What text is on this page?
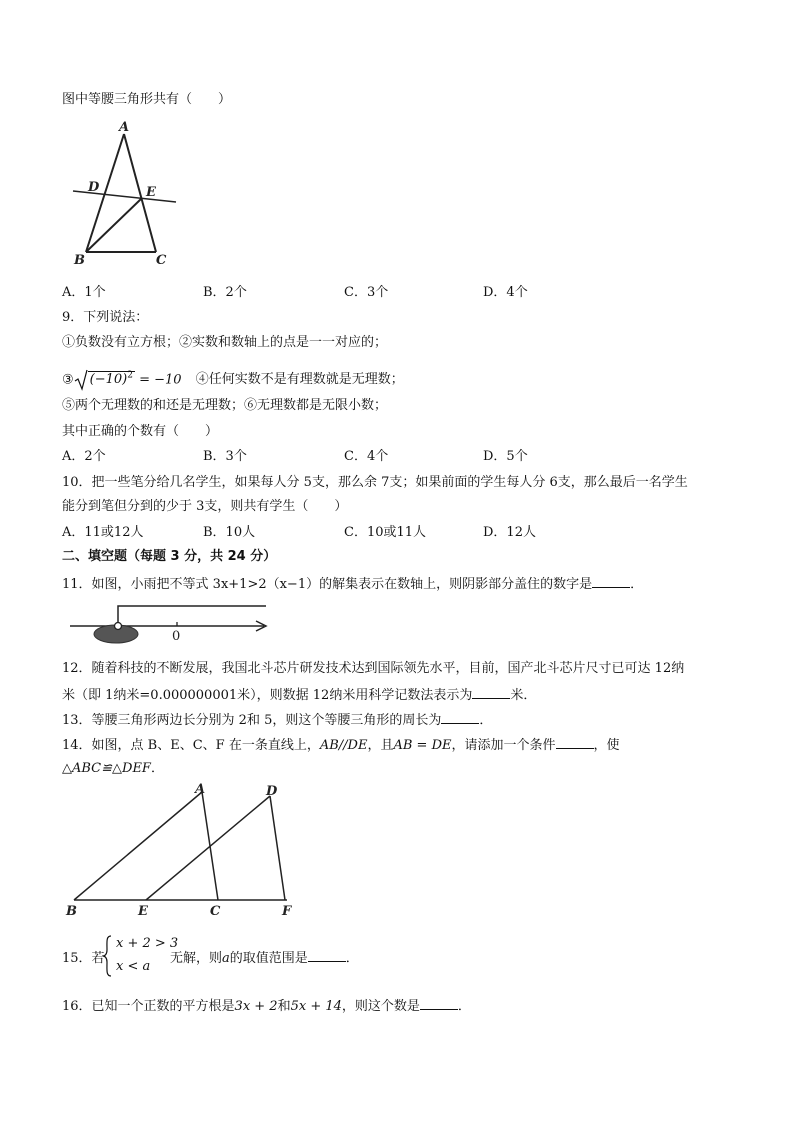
图中等腰三角形共有（　　）
A
D	E
B	C
A．1个	B．2个	C．3个	D．4个
9．下列说法：
①负数没有立方根；②实数和数轴上的点是一一对应的；
③ $(-10)^2 = -10$ ④任何实数不是有理数就是无理数；
⑤两个无理数的和还是无理数；⑥无理数都是无限小数；
其中正确的个数有（　　）
A．2个	B．3个	C．4个	D．5个
10．把一些笔分给几名学生，如果每人分 5支，那么余 7支；如果前面的学生每人分 6支，那么最后一名学生
能分到笔但分到的少于 3支，则共有学生（　　）
A．11或12人	B．10人	C．10或11人	D．12人
二、填空题（每题 3 分，共 24 分）
11．如图，小雨把不等式 3x+1>2（x−1）的解集表示在数轴上，则阴影部分盖住的数字是	．
0
12．随着科技的不断发展，我国北斗芯片研发技术达到国际领先水平，目前，国产北斗芯片尺寸已可达 12纳
米（即 1纳米=0.000000001米），则数据 12纳米用科学记数法表示为	米．
13．等腰三角形两边长分别为 2和 5，则这个等腰三角形的周长为	．
14．如图，点 B、E、C、F 在一条直线上，AB//DE，且AB = DE，请添加一个条件	，使
△ABC≌△DEF．
A	D
B	E	C	F
15．若
x + 2 > 3
x < a
无解，则a的取值范围是	．
16．已知一个正数的平方根是3x + 2和5x + 14，则这个数是	．
